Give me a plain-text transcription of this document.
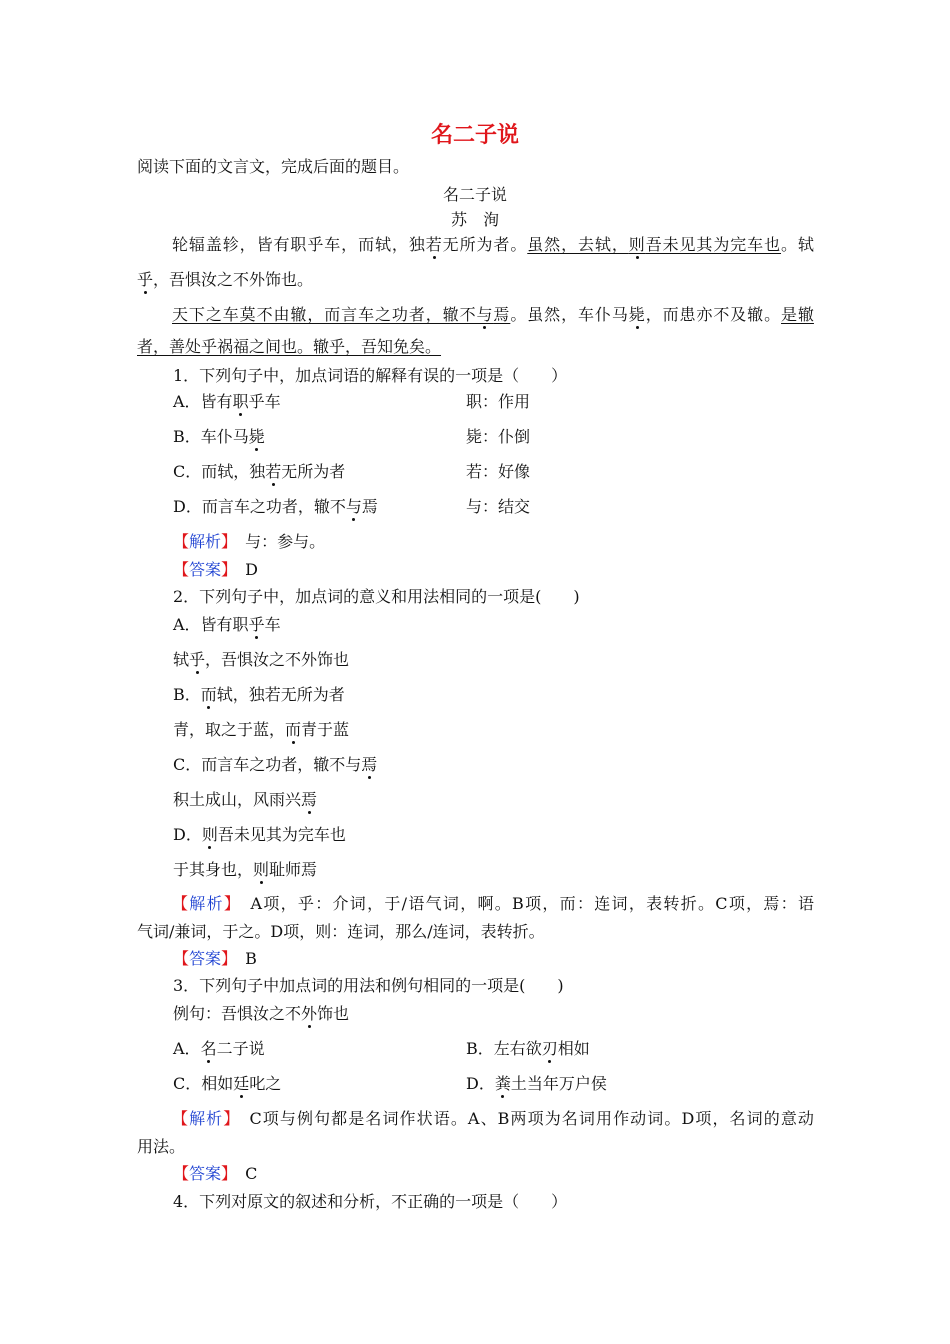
名二子说
阅读下面的文言文，完成后面的题目。
名二子说
苏　洵
轮辐盖轸，皆有职乎车，而轼，独若无所为者。虽然，去轼，则吾未见其为完车也。轼
乎，吾惧汝之不外饰也。
天下之车莫不由辙，而言车之功者，辙不与焉。虽然，车仆马毙，而患亦不及辙。是辙
者，善处乎祸福之间也。辙乎，吾知免矣。
1．下列句子中，加点词语的解释有误的一项是（　　）
A．皆有职乎车	职：作用
B．车仆马毙	毙：仆倒
C．而轼，独若无所为者	若：好像
D．而言车之功者，辙不与焉	与：结交
【解析】　 与：参与。
【答案】　 D
2．下列句子中，加点词的意义和用法相同的一项是(　　)
A．皆有职乎车
轼乎，吾惧汝之不外饰也
B．而轼，独若无所为者
青，取之于蓝，而青于蓝
C．而言车之功者，辙不与焉
积土成山，风雨兴焉
D．则吾未见其为完车也
于其身也，则耻师焉
【解析】　 A项，乎：介词，于/语气词，啊。B项，而：连词，表转折。C项，焉：语
气词/兼词，于之。D项，则：连词，那么/连词，表转折。
【答案】　 B
3．下列句子中加点词的用法和例句相同的一项是(　　)
例句：吾惧汝之不外饰也
A．名二子说	B．左右欲刃相如
C．相如廷叱之	D．粪土当年万户侯
【解析】　 C项与例句都是名词作状语。A、B两项为名词用作动词。D项，名词的意动
用法。
【答案】　 C
4．下列对原文的叙述和分析，不正确的一项是（　　）
